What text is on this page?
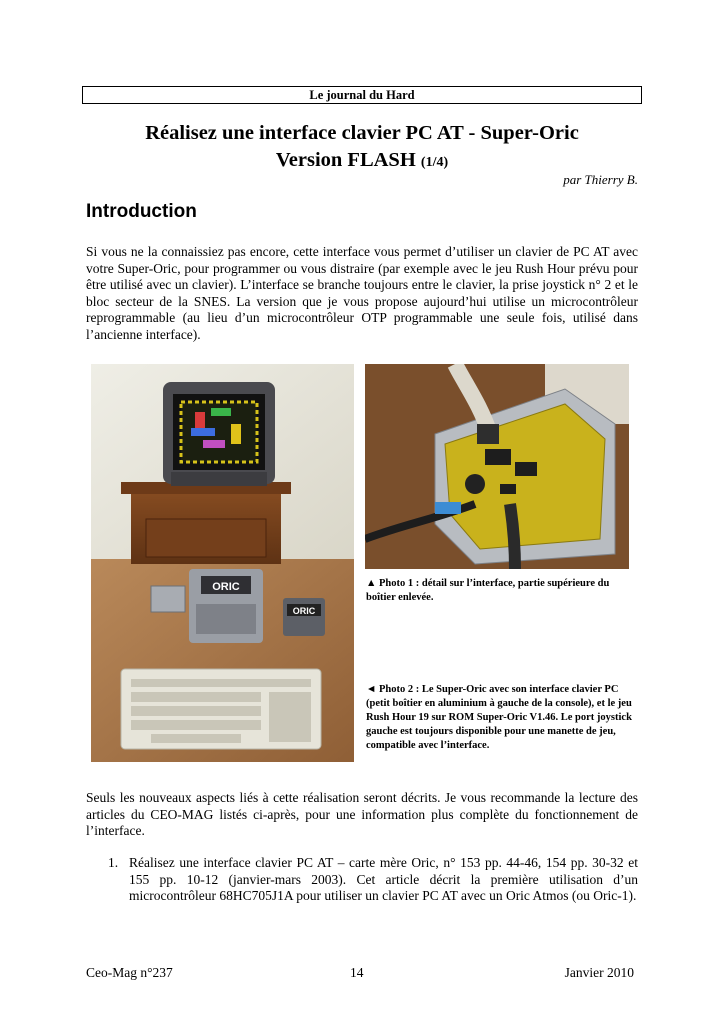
Le journal du Hard
Réalisez une interface clavier PC AT - Super-Oric
Version FLASH (1/4)
par Thierry B.
Introduction

Si vous ne la connaissiez pas encore, cette interface vous permet d’utiliser un clavier de PC AT avec votre Super-Oric, pour programmer ou vous distraire (par exemple avec le jeu Rush Hour prévu pour être utilisé avec un clavier). L’interface se branche toujours entre le clavier, la prise joystick n° 2 et le bloc secteur de la SNES. La version que je vous propose aujourd’hui utilise un microcontrôleur reprogrammable (au lieu d’un microcontrôleur OTP programmable une seule fois, utilisé dans l’ancienne interface).

ORIC
ORIC

▲ Photo 1 : détail sur l’interface, partie supérieure du boîtier enlevée.

◄ Photo 2 : Le Super-Oric avec son interface clavier PC (petit boîtier en aluminium à gauche de la console), et le jeu Rush Hour 19 sur ROM Super-Oric V1.46. Le port joystick gauche est toujours disponible pour une manette de jeu, compatible avec l’interface.

Seuls les nouveaux aspects liés à cette réalisation seront décrits. Je vous recommande la lecture des articles du CEO-MAG listés ci-après, pour une information plus complète du fonctionnement de l’interface.

1. Réalisez une interface clavier PC AT – carte mère Oric, n° 153 pp. 44-46, 154 pp. 30-32 et 155 pp. 10-12 (janvier-mars 2003). Cet article décrit la première utilisation d’un microcontrôleur 68HC705J1A pour utiliser un clavier PC AT avec un Oric Atmos (ou Oric-1).
Ceo-Mag n°237	14	Janvier 2010
